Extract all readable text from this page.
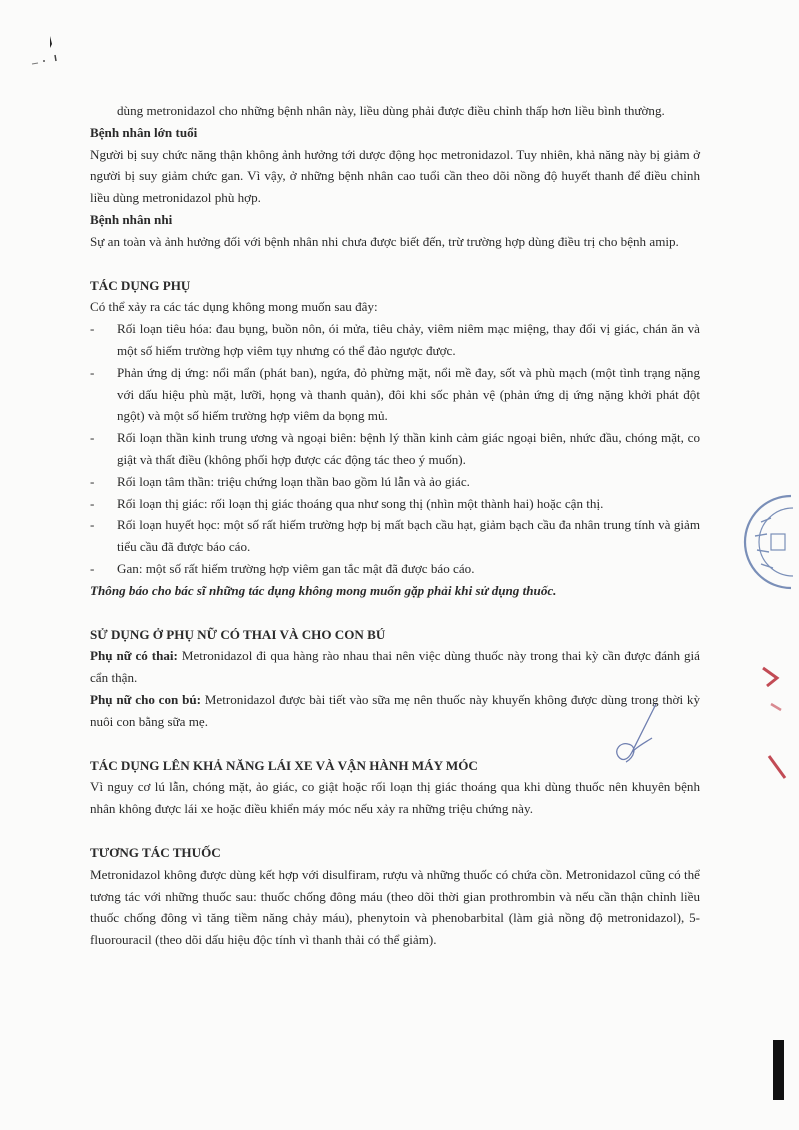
dùng metronidazol cho những bệnh nhân này, liều dùng phải được điều chỉnh thấp hơn liều bình thường.

Bệnh nhân lớn tuổi

Người bị suy chức năng thận không ảnh hưởng tới dược động học metronidazol. Tuy nhiên, khả năng này bị giảm ở người bị suy giảm chức gan. Vì vậy, ở những bệnh nhân cao tuổi cần theo dõi nồng độ huyết thanh để điều chỉnh liều dùng metronidazol phù hợp.

Bệnh nhân nhi

Sự an toàn và ảnh hưởng đối với bệnh nhân nhi chưa được biết đến, trừ trường hợp dùng điều trị cho bệnh amip.

TÁC DỤNG PHỤ

Có thể xảy ra các tác dụng không mong muốn sau đây:

- Rối loạn tiêu hóa: đau bụng, buồn nôn, ói mửa, tiêu chảy, viêm niêm mạc miệng, thay đổi vị giác, chán ăn và một số hiếm trường hợp viêm tụy nhưng có thể đảo ngược được.
- Phản ứng dị ứng: nổi mẩn (phát ban), ngứa, đỏ phừng mặt, nổi mề đay, sốt và phù mạch (một tình trạng nặng với dấu hiệu phù mặt, lưỡi, họng và thanh quản), đôi khi sốc phản vệ (phản ứng dị ứng nặng khởi phát đột ngột) và một số hiếm trường hợp viêm da bọng mủ.
- Rối loạn thần kinh trung ương và ngoại biên: bệnh lý thần kinh cảm giác ngoại biên, nhức đầu, chóng mặt, co giật và thất điều (không phối hợp được các động tác theo ý muốn).
- Rối loạn tâm thần: triệu chứng loạn thần bao gồm lú lẫn và ảo giác.
- Rối loạn thị giác: rối loạn thị giác thoáng qua như song thị (nhìn một thành hai) hoặc cận thị.
- Rối loạn huyết học: một số rất hiếm trường hợp bị mất bạch cầu hạt, giảm bạch cầu đa nhân trung tính và giảm tiểu cầu đã được báo cáo.
- Gan: một số rất hiếm trường hợp viêm gan tắc mật đã được báo cáo.

Thông báo cho bác sĩ những tác dụng không mong muốn gặp phải khi sử dụng thuốc.

SỬ DỤNG Ở PHỤ NỮ CÓ THAI VÀ CHO CON BÚ

Phụ nữ có thai: Metronidazol đi qua hàng rào nhau thai nên việc dùng thuốc này trong thai kỳ cần được đánh giá cẩn thận.

Phụ nữ cho con bú: Metronidazol được bài tiết vào sữa mẹ nên thuốc này khuyến không được dùng trong thời kỳ nuôi con bằng sữa mẹ.

TÁC DỤNG LÊN KHẢ NĂNG LÁI XE VÀ VẬN HÀNH MÁY MÓC

Vì nguy cơ lú lẫn, chóng mặt, ảo giác, co giật hoặc rối loạn thị giác thoáng qua khi dùng thuốc nên khuyên bệnh nhân không được lái xe hoặc điều khiển máy móc nếu xảy ra những triệu chứng này.

TƯƠNG TÁC THUỐC

Metronidazol không được dùng kết hợp với disulfiram, rượu và những thuốc có chứa cồn. Metronidazol cũng có thể tương tác với những thuốc sau: thuốc chống đông máu (theo dõi thời gian prothrombin và nếu cần thận chỉnh liều thuốc chống đông vì tăng tiềm năng chảy máu), phenytoin và phenobarbital (làm giả nồng độ metronidazol), 5-fluorouracil (theo dõi dấu hiệu độc tính vì thanh thải có thể giảm).
